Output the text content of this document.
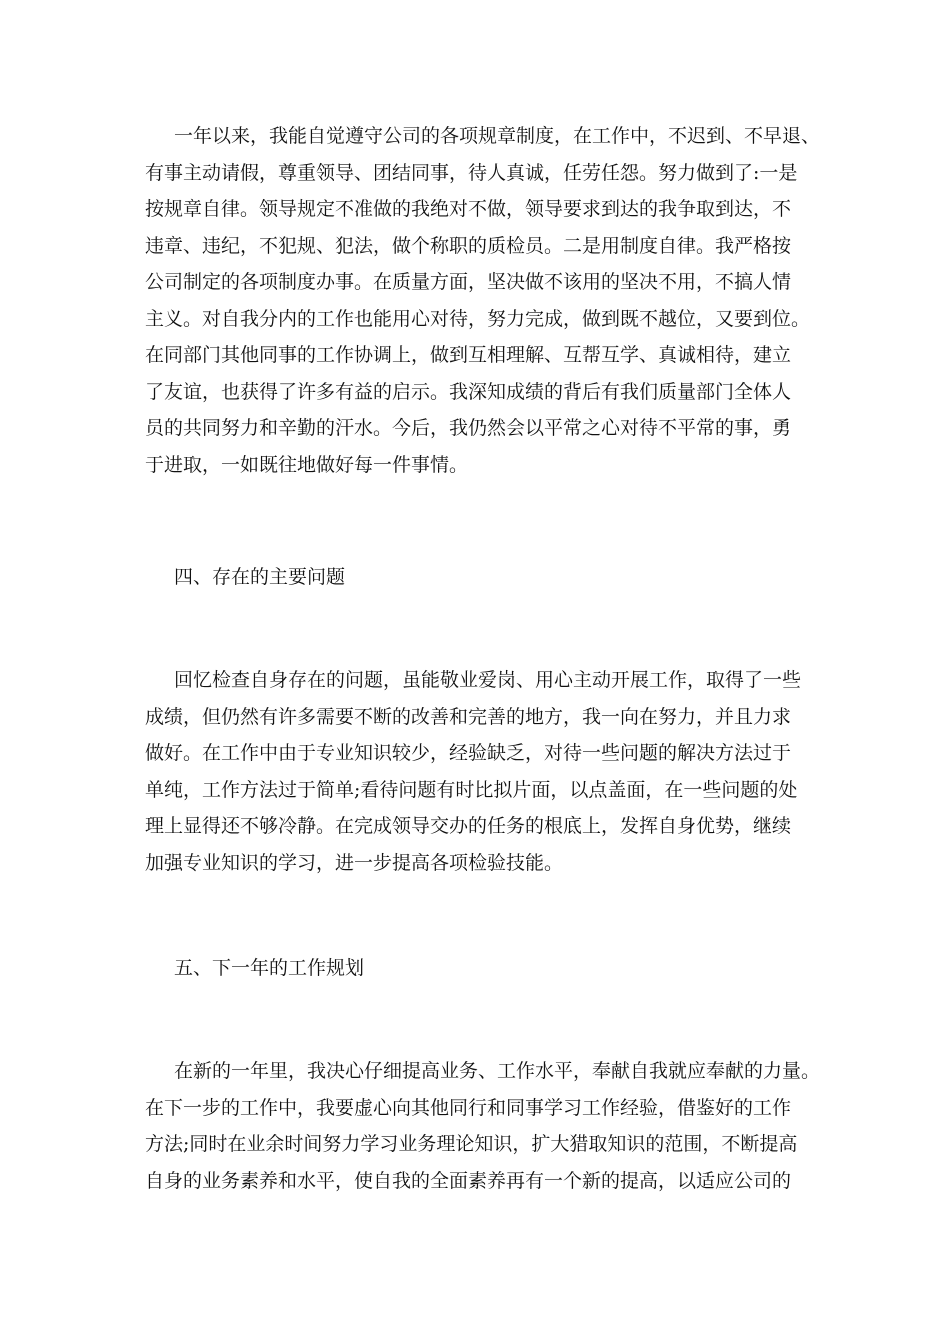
一年以来，我能自觉遵守公司的各项规章制度，在工作中，不迟到、不早退、
有事主动请假，尊重领导、团结同事，待人真诚，任劳任怨。努力做到了:一是
按规章自律。领导规定不准做的我绝对不做，领导要求到达的我争取到达，不
违章、违纪，不犯规、犯法，做个称职的质检员。二是用制度自律。我严格按
公司制定的各项制度办事。在质量方面，坚决做不该用的坚决不用，不搞人情
主义。对自我分内的工作也能用心对待，努力完成，做到既不越位，又要到位。
在同部门其他同事的工作协调上，做到互相理解、互帮互学、真诚相待，建立
了友谊，也获得了许多有益的启示。我深知成绩的背后有我们质量部门全体人
员的共同努力和辛勤的汗水。今后，我仍然会以平常之心对待不平常的事，勇
于进取，一如既往地做好每一件事情。
四、存在的主要问题
回忆检查自身存在的问题，虽能敬业爱岗、用心主动开展工作，取得了一些
成绩，但仍然有许多需要不断的改善和完善的地方，我一向在努力，并且力求
做好。在工作中由于专业知识较少，经验缺乏，对待一些问题的解决方法过于
单纯，工作方法过于简单;看待问题有时比拟片面，以点盖面，在一些问题的处
理上显得还不够冷静。在完成领导交办的任务的根底上，发挥自身优势，继续
加强专业知识的学习，进一步提高各项检验技能。
五、下一年的工作规划
在新的一年里，我决心仔细提高业务、工作水平，奉献自我就应奉献的力量。
在下一步的工作中，我要虚心向其他同行和同事学习工作经验，借鉴好的工作
方法;同时在业余时间努力学习业务理论知识，扩大猎取知识的范围，不断提高
自身的业务素养和水平，使自我的全面素养再有一个新的提高，以适应公司的
